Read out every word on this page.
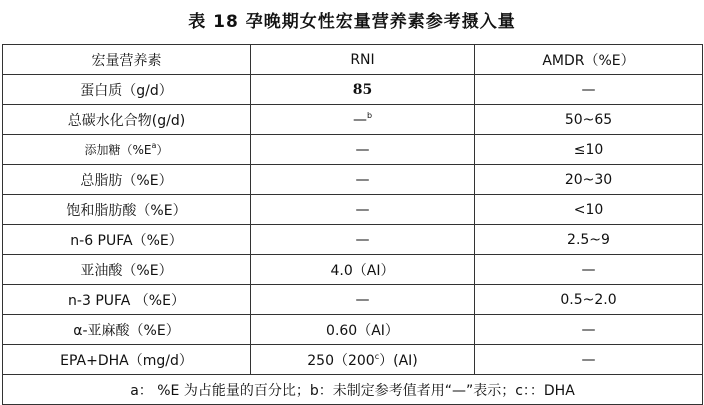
表 18 孕晚期女性宏量营养素参考摄入量
宏量营养素	RNI	AMDR（%E）
蛋白质（g/d）	85	—
总碳水化合物(g/d)	—$^b$	50~65
添加糖$(\%E^a)$	—	≤10
总脂肪（%E）	—	20~30
饱和脂肪酸（%E）	—	<10
n-6 PUFA（%E）	—	2.5~9
亚油酸（%E）	4.0（AI）	—
n-3 PUFA （%E）	—	0.5~2.0
α-亚麻酸（%E）	0.60（AI）	—
EPA+DHA（mg/d）	250（200$^c$）(AI)	—
a： %E 为占能量的百分比；b：未制定参考值者用“—”表示；c：：DHA		
